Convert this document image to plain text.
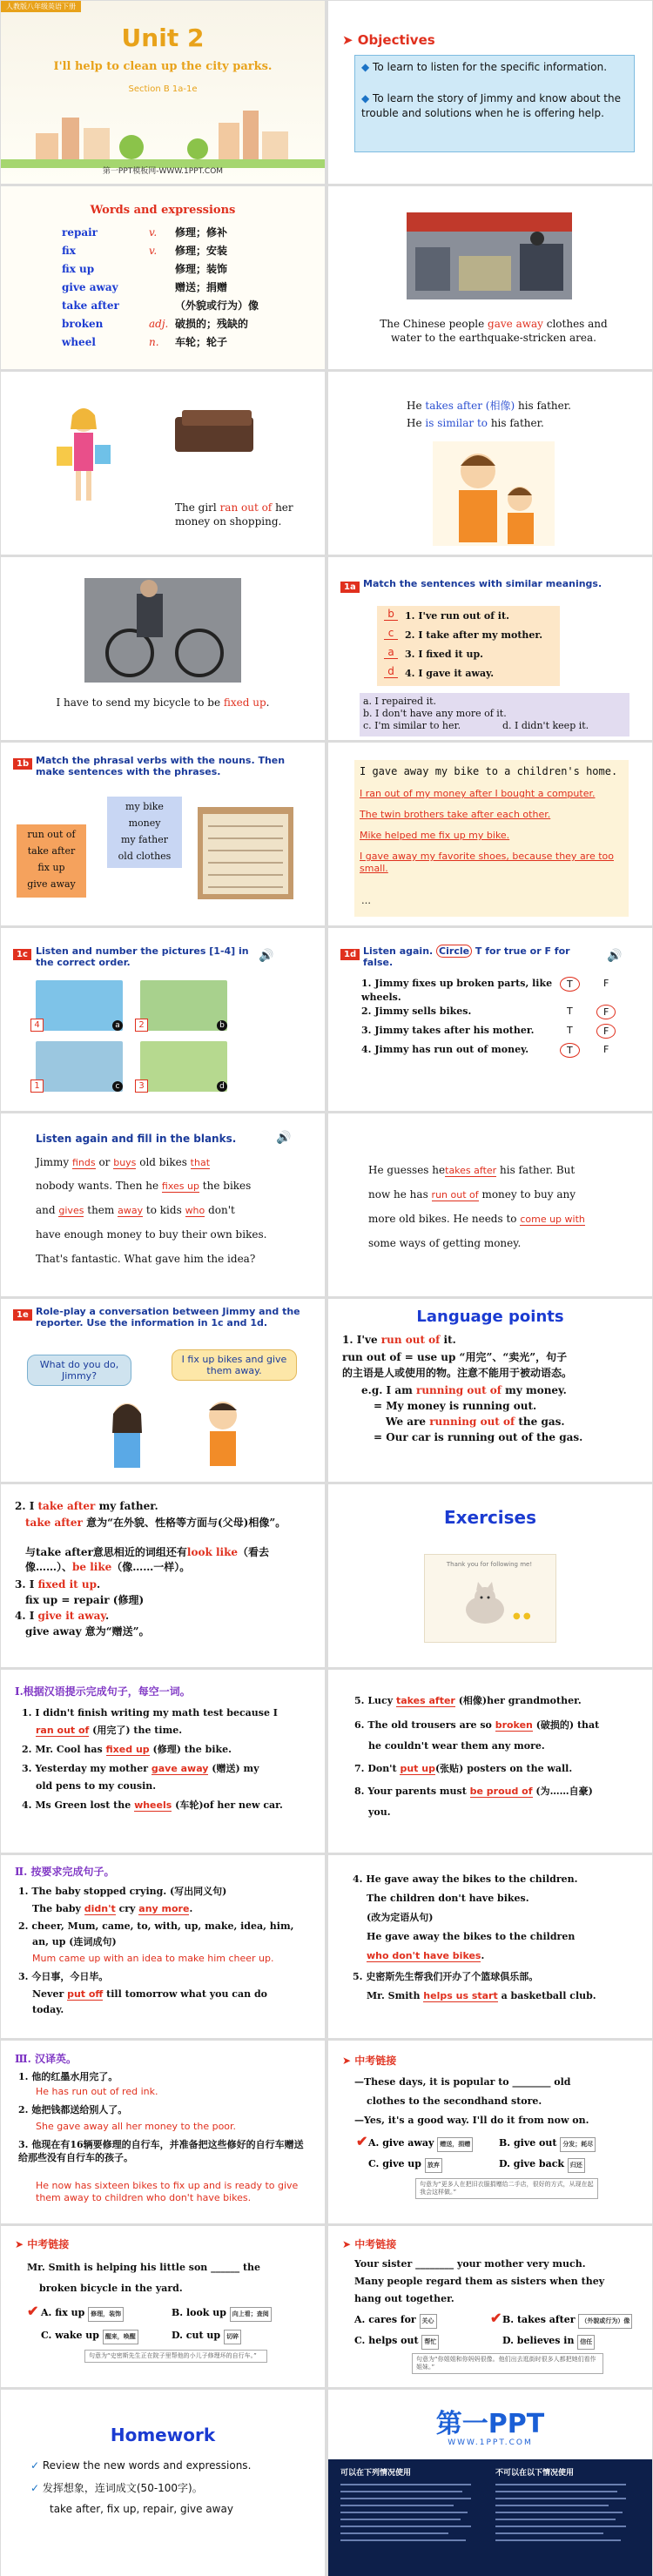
人教版八年级英语下册
Unit 2
I'll help to clean up the city parks.
Section B 1a-1e
第一PPT模板网-WWW.1PPT.COM
➤ Objectives
◆ To learn to listen for the specific information.
◆ To learn the story of Jimmy and know about the trouble and solutions when he is offering help.
Words and expressions
repair	v. 修理；修补
fix	v. 修理；安装
fix up	修理；装饰
give away	赠送；捐赠
take after	（外貌或行为）像
broken	adj. 破损的；残缺的
wheel	n. 车轮；轮子
The Chinese people gave away clothes and water to the earthquake-stricken area.
The girl ran out of her money on shopping.
He takes after (相像) his father.
He is similar to his father.
I have to send my bicycle to be fixed up.
1a Match the sentences with similar meanings.
b	1. I've run out of it.
c	2. I take after my mother.
a	3. I fixed it up.
d	4. I gave it away.
a. I repaired it.
b. I don't have any more of it.
c. I'm similar to her.	d. I didn't keep it.
1b Match the phrasal verbs with the nouns. Then make sentences with the phrases.
run out of
take after
fix up
give away
my bike
money
my father
old clothes
I gave away my bike to a children's home.
I ran out of my money after I bought a computer.
The twin brothers take after each other.
Mike helped me fix up my bike.
I gave away my favorite shoes, because they are too small.
…
1c Listen and number the pictures [1-4] in the correct order.	🔊
4	a	2	b
1	c	3	d
1d Listen again. Circle T for true or F for false.	🔊
1. Jimmy fixes up broken parts, like wheels.
T	F
2. Jimmy sells bikes.	T	F
3. Jimmy takes after his mother.	T	F
4. Jimmy has run out of money.	T	F
Listen again and fill in the blanks.	🔊
Jimmy finds or buys old bikes that
nobody wants. Then he fixes up the bikes
and gives them away to kids who don't
have enough money to buy their own bikes.
That's fantastic. What gave him the idea?
He guesses hetakes after his father. But
now he has run out of money to buy any
more old bikes. He needs to come up with
some ways of getting money.
1e Role-play a conversation between Jimmy and the reporter. Use the information in 1c and 1d.
What do you do, Jimmy?
I fix up bikes and give them away.
Language points
1. I've run out of it.
run out of = use up “用完”、“卖光”，句子
的主语是人或使用的物。注意不能用于被动语态。
e.g. I am running out of my money.
= My money is running out.
We are running out of the gas.
= Our car is running out of the gas.
2. I take after my father.
take after 意为“在外貌、性格等方面与(父母)相像”。
与take after意思相近的词组还有look like（看去像……）、be like（像……一样）。
3. I fixed it up.
fix up = repair (修理)
4. I give it away.
give away 意为“赠送”。
Exercises
Thank you for following me!
● ●
Ⅰ.根据汉语提示完成句子，每空一词。
1. I didn't finish writing my math test because I
ran out of (用完了) the time.
2. Mr. Cool has fixed up (修理) the bike.
3. Yesterday my mother gave away (赠送) my
old pens to my cousin.
4. Ms Green lost the wheels (车轮)of her new car.
5. Lucy takes after (相像)her grandmother.
6. The old trousers are so broken (破损的) that
he couldn't wear them any more.
7. Don't put up(张贴) posters on the wall.
8. Your parents must be proud of (为……自豪)
you.
Ⅱ. 按要求完成句子。
1. The baby stopped crying. (写出同义句)
The baby didn't cry any more.
2. cheer, Mum, came, to, with, up, make, idea, him,
an, up (连词成句)
Mum came up with an idea to make him cheer up.
3. 今日事，今日毕。
Never put off till tomorrow what you can do
today.
4. He gave away the bikes to the children.
The children don't have bikes.
(改为定语从句)
He gave away the bikes to the children
who don't have bikes.
5. 史密斯先生帮我们开办了个篮球俱乐部。
Mr. Smith helps us start a basketball club.
Ⅲ. 汉译英。
1. 他的红墨水用完了。
He has run out of red ink.
2. 她把钱都送给别人了。
She gave away all her money to the poor.
3. 他现在有16辆要修理的自行车，并准备把这些修好的自行车赠送给那些没有自行车的孩子。
He now has sixteen bikes to fix up and is ready to give them away to children who don't have bikes.
➤ 中考链接
—These days, it is popular to ________ old
clothes to the secondhand store.
—Yes, it's a good way. I'll do it from now on.
✔ A. give away 赠送，捐赠	B. give out 分发；耗尽
C. give up 放弃	D. give back 归还
句意为“更多人在把旧衣服捐赠给二手店，很好的方式，从现在起我会这样做。”
➤ 中考链接
Mr. Smith is helping his little son ______ the
broken bicycle in the yard.
✔ A. fix up 修理，装饰	B. look up 向上看；查阅
C. wake up 醒来，唤醒	D. cut up 切碎
句意为“史密斯先生正在院子里帮他的小儿子修理坏的自行车。”
➤ 中考链接
Your sister ________ your mother very much.
Many people regard them as sisters when they
hang out together.
A. cares for 关心	✔ B. takes after （外貌或行为）像
C. helps out 帮忙	D. believes in 信任
句意为“你姐姐和你妈妈很像。他们出去逛街时很多人都把她们看作姐妹。”
Homework
✓ Review the new words and expressions.
✓ 发挥想象，连词成文(50-100字)。
take after, fix up, repair, give away
第一PPT
WWW.1PPT.COM
可以在下列情况使用	不可以在以下情况使用
